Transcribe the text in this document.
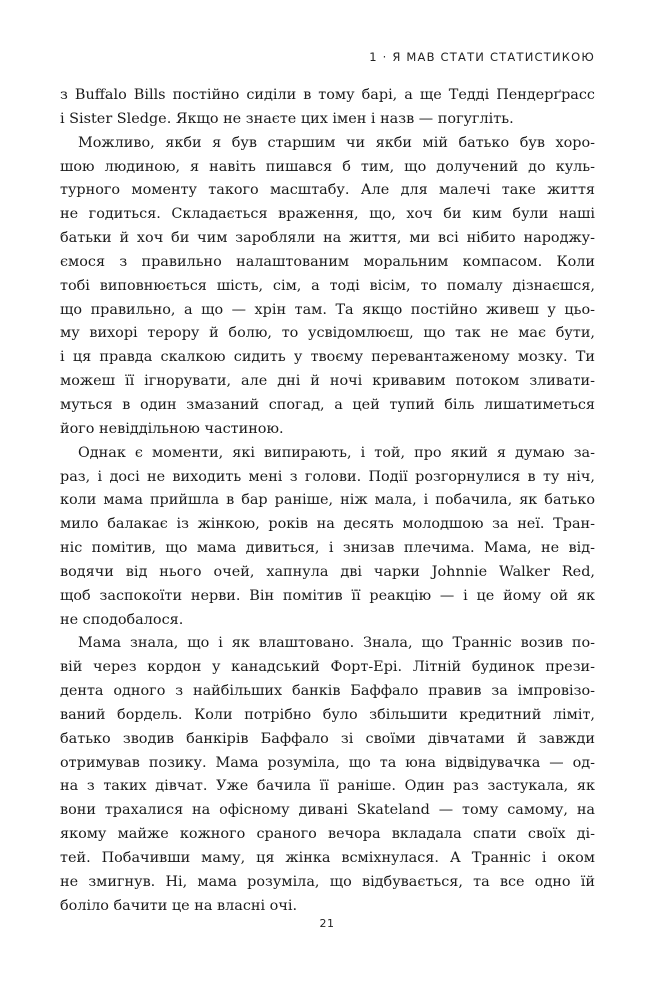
1 · Я МАВ СТАТИ СТАТИСТИКОЮ
з Buffalo Bills постійно сиділи в тому барі, а ще Тедді Пендерґрасс
і Sister Sledge. Якщо не знаєте цих імен і назв — погугліть.
Можливо, якби я був старшим чи якби мій батько був хоро-
шою людиною, я навіть пишався б тим, що долучений до куль-
турного моменту такого масштабу. Але для малечі таке життя
не годиться. Складається враження, що, хоч би ким були наші
батьки й хоч би чим заробляли на життя, ми всі нібито народжу-
ємося з правильно налаштованим моральним компасом. Коли
тобі виповнюється шість, сім, а тоді вісім, то помалу дізнаєшся,
що правильно, а що — хрін там. Та якщо постійно живеш у цьо-
му вихорі терору й болю, то усвідомлюєш, що так не має бути,
і ця правда скалкою сидить у твоєму перевантаженому мозку. Ти
можеш її ігнорувати, але дні й ночі кривавим потоком зливати-
муться в один змазаний спогад, а цей тупий біль лишатиметься
його невіддільною частиною.
Однак є моменти, які випирають, і той, про який я думаю за-
раз, і досі не виходить мені з голови. Події розгорнулися в ту ніч,
коли мама прийшла в бар раніше, ніж мала, і побачила, як батько
мило балакає із жінкою, років на десять молодшою за неї. Тран-
ніс помітив, що мама дивиться, і знизав плечима. Мама, не від-
водячи від нього очей, хапнула дві чарки Johnnie Walker Red,
щоб заспокоїти нерви. Він помітив її реакцію — і це йому ой як
не сподобалося.
Мама знала, що і як влаштовано. Знала, що Транніс возив по-
вій через кордон у канадський Форт-Ері. Літній будинок прези-
дента одного з найбільших банків Баффало правив за імпровізо-
ваний бордель. Коли потрібно було збільшити кредитний ліміт,
батько зводив банкірів Баффало зі своїми дівчатами й завжди
отримував позику. Мама розуміла, що та юна відвідувачка — од-
на з таких дівчат. Уже бачила її раніше. Один раз застукала, як
вони трахалися на офісному дивані Skateland — тому самому, на
якому майже кожного сраного вечора вкладала спати своїх ді-
тей. Побачивши маму, ця жінка всміхнулася. А Транніс і оком
не змигнув. Ні, мама розуміла, що відбувається, та все одно їй
боліло бачити це на власні очі.
21
